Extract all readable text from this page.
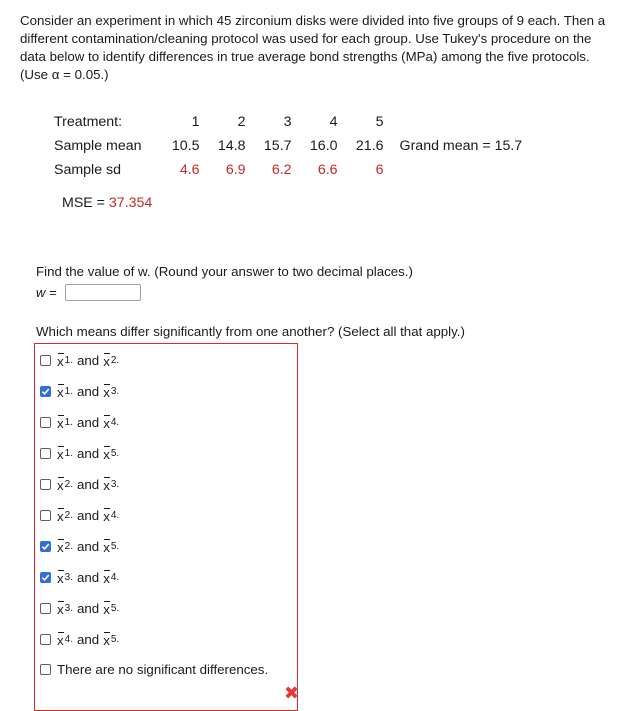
Consider an experiment in which 45 zirconium disks were divided into five groups of 9 each. Then a different contamination/cleaning protocol was used for each group. Use Tukey's procedure on the data below to identify differences in true average bond strengths (MPa) among the five protocols. (Use α = 0.05.)

Treatment:	1	2	3	4	5	
Sample mean	10.5	14.8	15.7	16.0	21.6	Grand mean = 15.7
Sample sd	4.6	6.9	6.2	6.6	6	
MSE = 37.354
Find the value of w. (Round your answer to two decimal places.)
w =
Which means differ significantly from one another? (Select all that apply.)
x 1. and x 2.
x 1. and x 3.
x 1. and x 4.
x 1. and x 5.
x 2. and x 3.
x 2. and x 4.
x 2. and x 5.
x 3. and x 4.
x 3. and x 5.
x 4. and x 5.
There are no significant differences.
✖
